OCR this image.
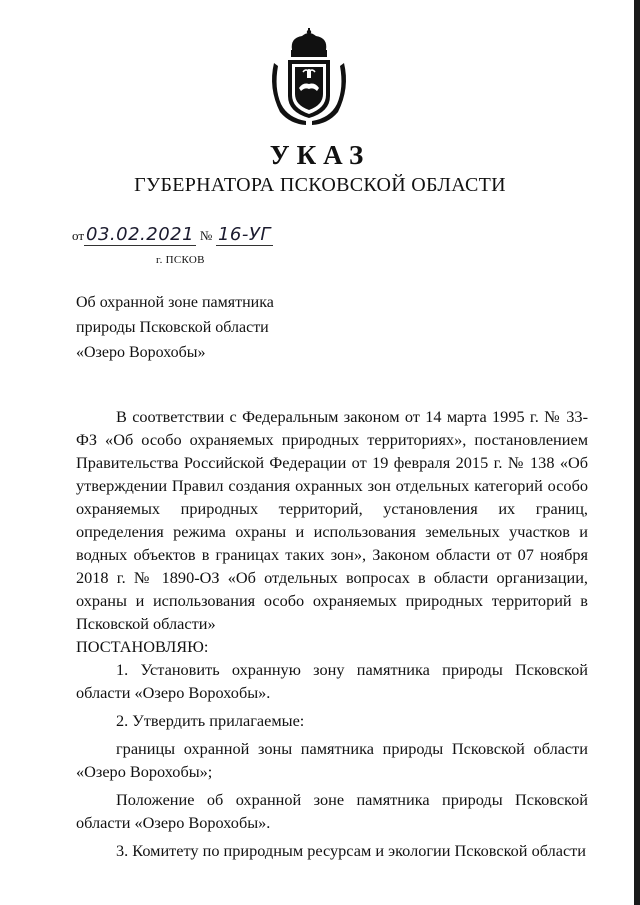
УКАЗ
ГУБЕРНАТОРА ПСКОВСКОЙ ОБЛАСТИ
от 03.02.2021 № 16-УГ
г. ПСКОВ
Об охранной зоне памятника
природы Псковской области
«Озеро Ворохобы»

В соответствии с Федеральным законом от 14 марта 1995 г. № 33-ФЗ «Об особо охраняемых природных территориях», постановлением Правительства Российской Федерации от 19 февраля 2015 г. № 138 «Об утверждении Правил создания охранных зон отдельных категорий особо охраняемых природных территорий, установления их границ, определения режима охраны и использования земельных участков и водных объектов в границах таких зон», Законом области от 07 ноября 2018 г. № 1890-ОЗ «Об отдельных вопросах в области организации, охраны и использования особо охраняемых природных территорий в Псковской области»

ПОСТАНОВЛЯЮ:

1. Установить охранную зону памятника природы Псковской области «Озеро Ворохобы».

2. Утвердить прилагаемые:

границы охранной зоны памятника природы Псковской области «Озеро Ворохобы»;

Положение об охранной зоне памятника природы Псковской области «Озеро Ворохобы».

3. Комитету по природным ресурсам и экологии Псковской области
